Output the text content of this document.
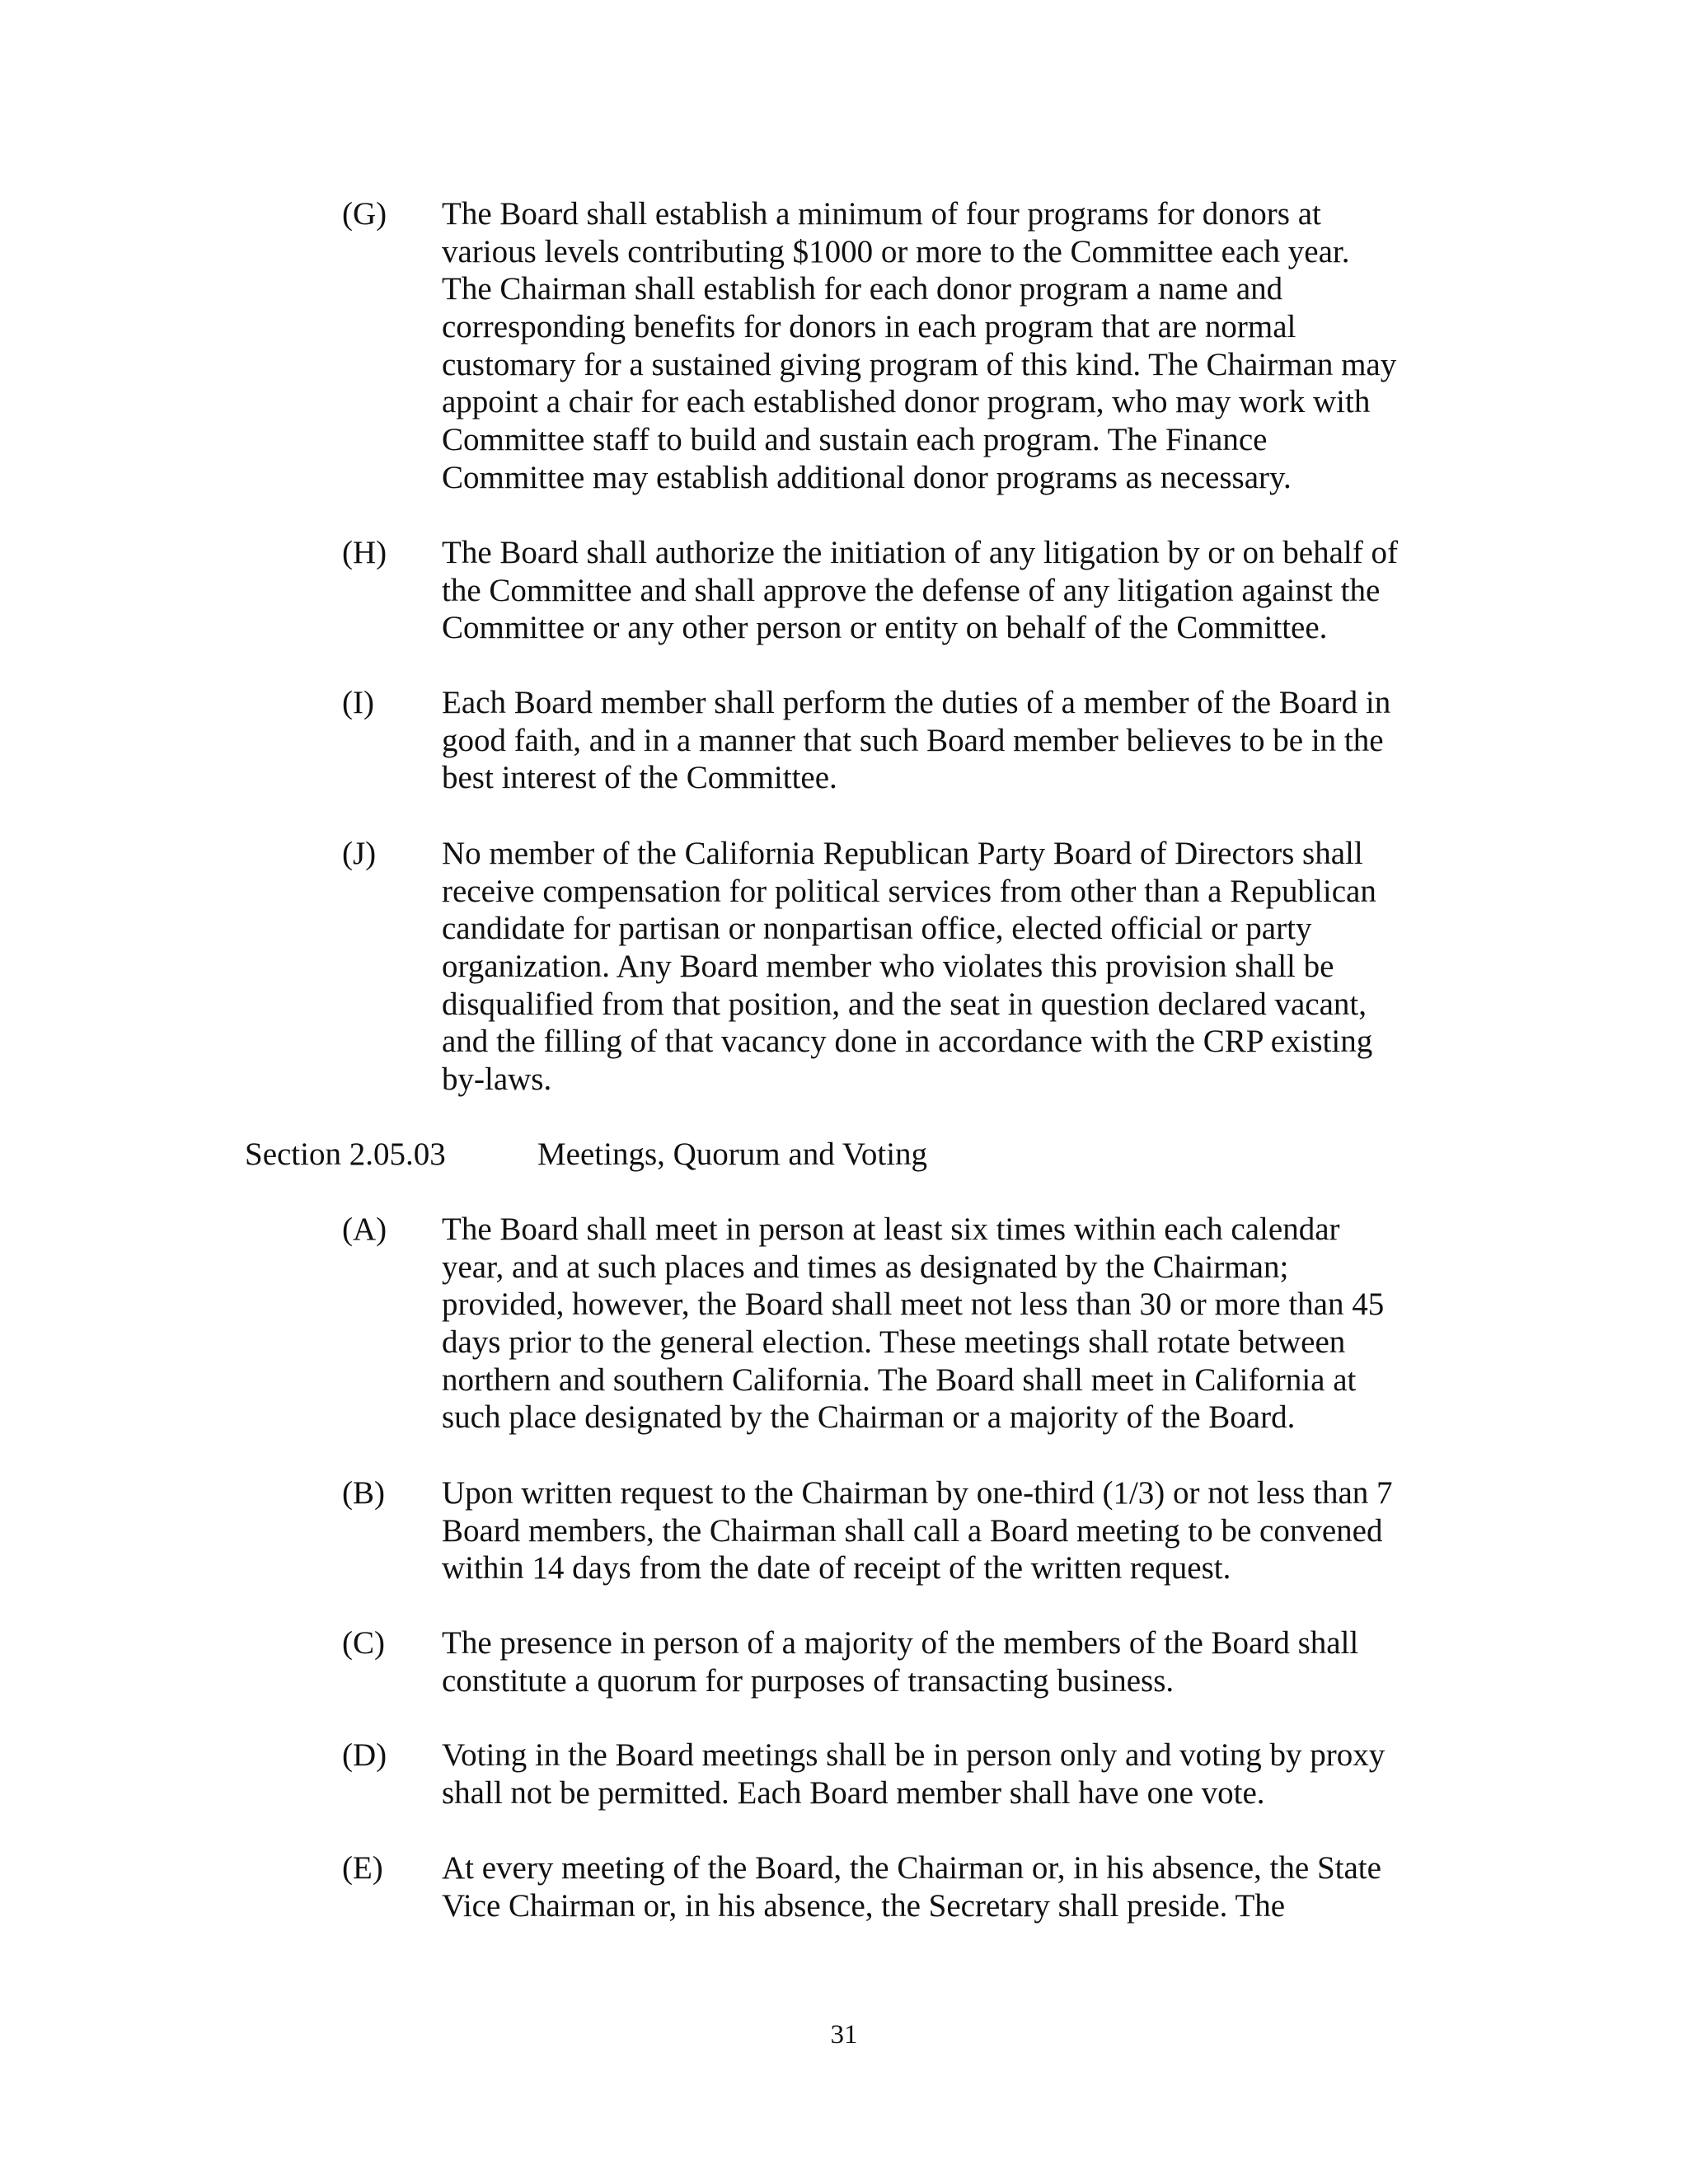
(G)	The Board shall establish a minimum of four programs for donors at
various levels contributing $1000 or more to the Committee each year.
The Chairman shall establish for each donor program a name and
corresponding benefits for donors in each program that are normal
customary for a sustained giving program of this kind. The Chairman may
appoint a chair for each established donor program, who may work with
Committee staff to build and sustain each program. The Finance
Committee may establish additional donor programs as necessary.
(H)	The Board shall authorize the initiation of any litigation by or on behalf of
the Committee and shall approve the defense of any litigation against the
Committee or any other person or entity on behalf of the Committee.
(I)	Each Board member shall perform the duties of a member of the Board in
good faith, and in a manner that such Board member believes to be in the
best interest of the Committee.
(J)	No member of the California Republican Party Board of Directors shall
receive compensation for political services from other than a Republican
candidate for partisan or nonpartisan office, elected official or party
organization. Any Board member who violates this provision shall be
disqualified from that position, and the seat in question declared vacant,
and the filling of that vacancy done in accordance with the CRP existing
by-laws.
Section 2.05.03	Meetings, Quorum and Voting
(A)	The Board shall meet in person at least six times within each calendar
year, and at such places and times as designated by the Chairman;
provided, however, the Board shall meet not less than 30 or more than 45
days prior to the general election. These meetings shall rotate between
northern and southern California. The Board shall meet in California at
such place designated by the Chairman or a majority of the Board.
(B)	Upon written request to the Chairman by one-third (1/3) or not less than 7
Board members, the Chairman shall call a Board meeting to be convened
within 14 days from the date of receipt of the written request.
(C)	The presence in person of a majority of the members of the Board shall
constitute a quorum for purposes of transacting business.
(D)	Voting in the Board meetings shall be in person only and voting by proxy
shall not be permitted. Each Board member shall have one vote.
(E)	At every meeting of the Board, the Chairman or, in his absence, the State
Vice Chairman or, in his absence, the Secretary shall preside. The
31
